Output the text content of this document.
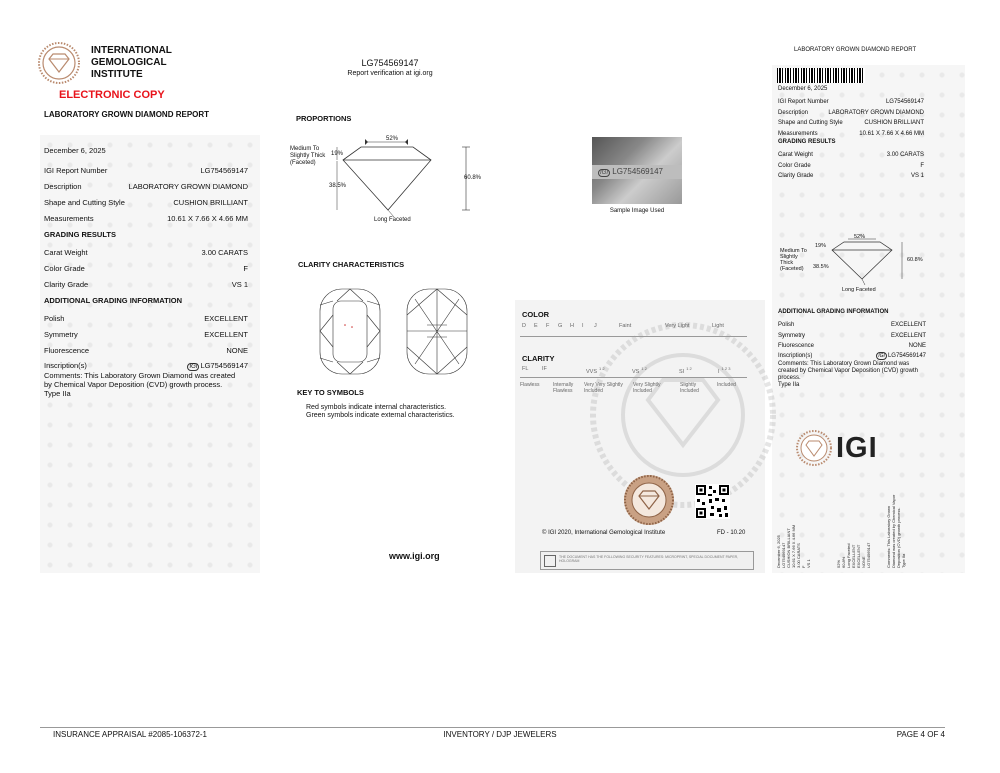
INTERNATIONAL
GEMOLOGICAL
INSTITUTE
ELECTRONIC COPY
LABORATORY GROWN DIAMOND REPORT
December 6, 2025
IGI Report Number	LG754569147
Description	LABORATORY GROWN DIAMOND
Shape and Cutting Style	CUSHION BRILLIANT
Measurements	10.61 X 7.66 X 4.66 MM
GRADING RESULTS
Carat Weight	3.00 CARATS
Color Grade	F
Clarity Grade	VS 1
ADDITIONAL GRADING INFORMATION
Polish	EXCELLENT
Symmetry	EXCELLENT
Fluorescence	NONE
Inscription(s)	IGI LG754569147
Comments: This Laboratory Grown Diamond was created by Chemical Vapor Deposition (CVD) growth process.
Type IIa
LG754569147
Report verification at igi.org
PROPORTIONS
52%
Medium To
Slightly Thick
(Faceted)
19%
38.5%
60.8%
Long Faceted
IGI LG754569147
Sample Image Used
CLARITY CHARACTERISTICS
KEY TO SYMBOLS
Red symbols indicate internal characteristics.
Green symbols indicate external characteristics.
www.igi.org
COLOR
D E F G H I J	Faint	Very Light	Light
CLARITY
FL IF	$VVS^{1 2}$
$VS^{1 2}$
$SI^{1 2}$
$I^{1 2 3}$
Flawless	Internally Flawless
Very Very Slightly Included
Very Slightly Included
Slightly Included
Included
© IGI 2020, International Gemological Institute	FD - 10.20
THE DOCUMENT HAS THE FOLLOWING SECURITY FEATURES: MICROPRINT, SPECIAL DOCUMENT PAPER, HOLOGRAM
LABORATORY GROWN DIAMOND REPORT
December 6, 2025
IGI Report Number	LG754569147
Description	LABORATORY GROWN DIAMOND
Shape and Cutting Style	CUSHION BRILLIANT
Measurements	10.61 X 7.66 X 4.66 MM
GRADING RESULTS
Carat Weight	3.00 CARATS
Color Grade	F
Clarity Grade	VS 1
52%
Medium To
Slightly
Thick
(Faceted)
19%
38.5%
60.8%
Long Faceted
ADDITIONAL GRADING INFORMATION
Polish	EXCELLENT
Symmetry	EXCELLENT
Fluorescence	NONE
Inscription(s)	IGI LG754569147
Comments: This Laboratory Grown Diamond was created by Chemical Vapor Deposition (CVD) growth process.
Type IIa
IGI
December 6, 2025 LG754569147 CUSHION BRILLIANT 10.61 X 7.66 X 4.66 MM 3.00 CARATS F VS 1	52% 60.8% Long Faceted EXCELLENT EXCELLENT NONE LG754569147	Comments: This Laboratory Grown Diamond was created by Chemical Vapor Deposition (CVD) growth process. Type IIa
INSURANCE APPRAISAL #2085-106372-1	INVENTORY / DJP JEWELERS	PAGE 4 OF 4
